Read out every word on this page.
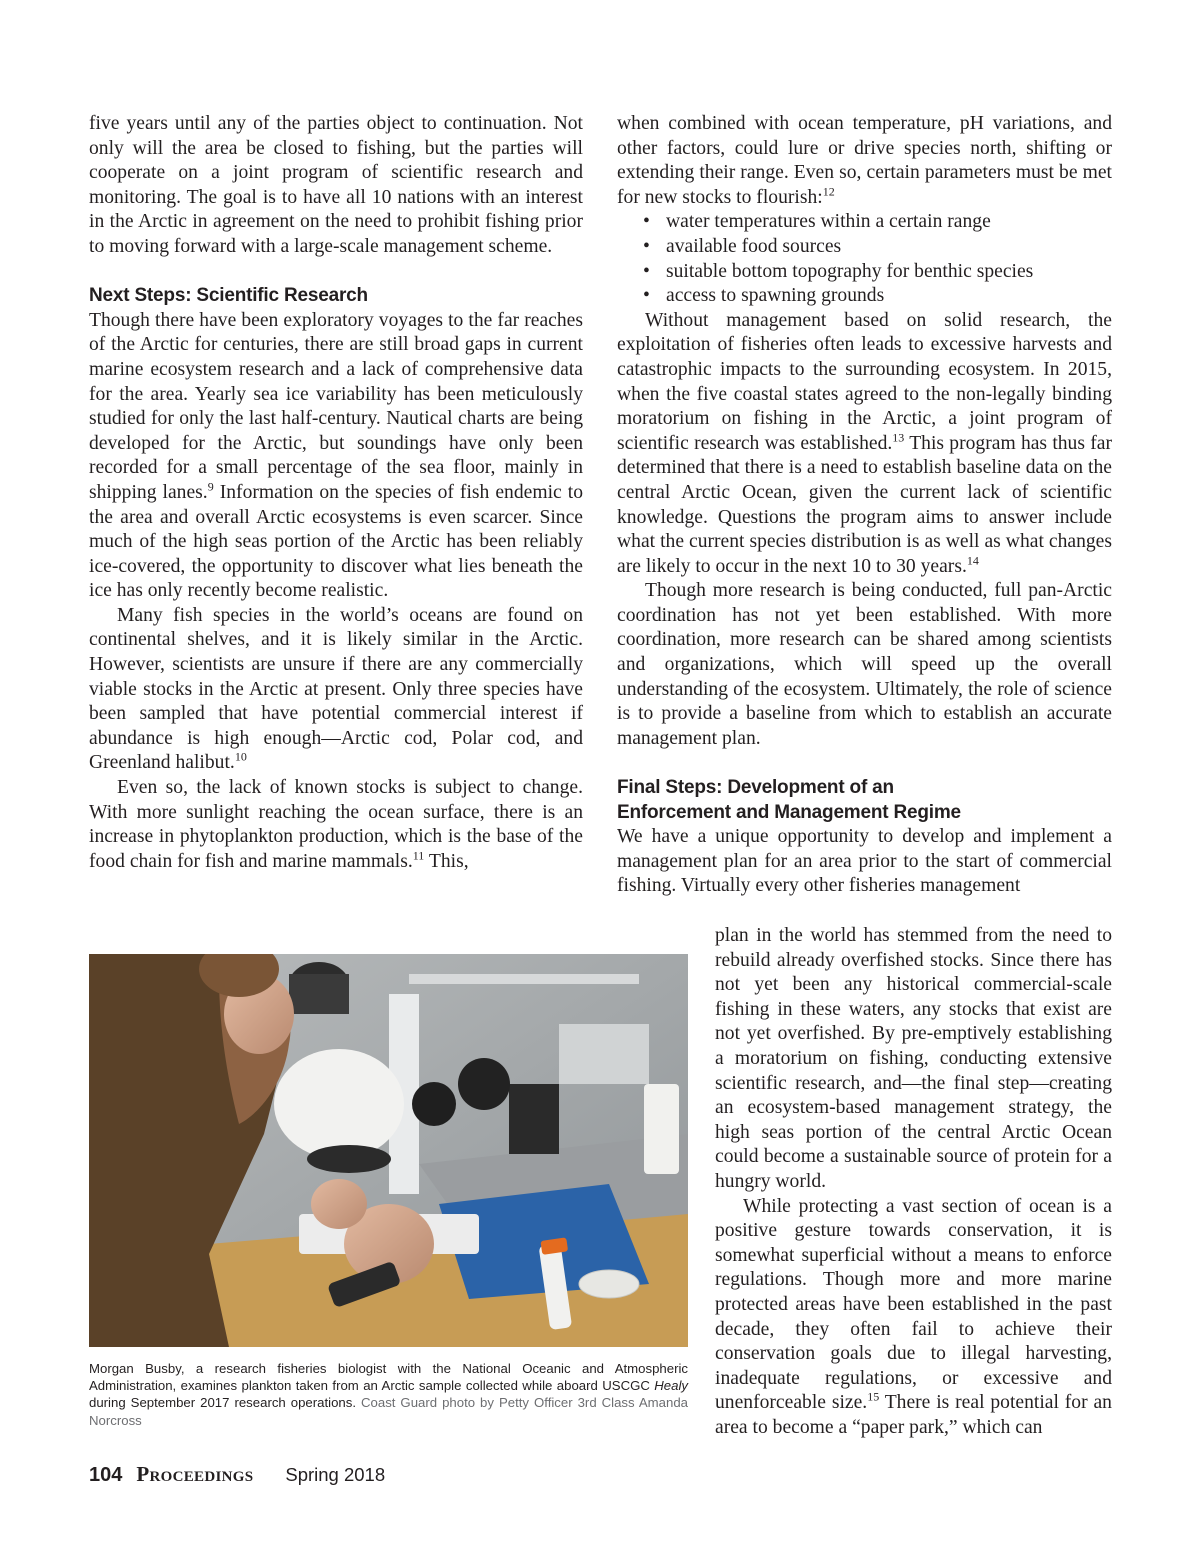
five years until any of the parties object to continuation. Not only will the area be closed to fishing, but the parties will cooperate on a joint program of scientific research and monitoring. The goal is to have all 10 nations with an interest in the Arctic in agreement on the need to prohibit fishing prior to moving forward with a large-scale management scheme.

Next Steps: Scientific Research

Though there have been exploratory voyages to the far reaches of the Arctic for centuries, there are still broad gaps in current marine ecosystem research and a lack of comprehensive data for the area. Yearly sea ice variability has been meticulously studied for only the last half-century. Nautical charts are being developed for the Arctic, but soundings have only been recorded for a small percentage of the sea floor, mainly in shipping lanes.$^9$ Information on the species of fish endemic to the area and overall Arctic ecosystems is even scarcer. Since much of the high seas portion of the Arctic has been reliably ice-covered, the opportunity to discover what lies beneath the ice has only recently become realistic.

Many fish species in the world’s oceans are found on continental shelves, and it is likely similar in the Arctic. However, scientists are unsure if there are any commercially viable stocks in the Arctic at present. Only three species have been sampled that have potential commercial interest if abundance is high enough—Arctic cod, Polar cod, and Greenland halibut.$^{10}$

Even so, the lack of known stocks is subject to change. With more sunlight reaching the ocean surface, there is an increase in phytoplankton production, which is the base of the food chain for fish and marine mammals.$^{11}$ This,

when combined with ocean temperature, pH variations, and other factors, could lure or drive species north, shifting or extending their range. Even so, certain parameters must be met for new stocks to flourish:$^{12}$

• water temperatures within a certain range
• available food sources
• suitable bottom topography for benthic species
• access to spawning grounds

Without management based on solid research, the exploitation of fisheries often leads to excessive harvests and catastrophic impacts to the surrounding ecosystem. In 2015, when the five coastal states agreed to the non-legally binding moratorium on fishing in the Arctic, a joint program of scientific research was established.$^{13}$ This program has thus far determined that there is a need to establish baseline data on the central Arctic Ocean, given the current lack of scientific knowledge. Questions the program aims to answer include what the current species distribution is as well as what changes are likely to occur in the next 10 to 30 years.$^{14}$

Though more research is being conducted, full pan-Arctic coordination has not yet been established. With more coordination, more research can be shared among scientists and organizations, which will speed up the overall understanding of the ecosystem. Ultimately, the role of science is to provide a baseline from which to establish an accurate management plan.

Final Steps: Development of an
Enforcement and Management Regime

We have a unique opportunity to develop and implement a management plan for an area prior to the start of commercial fishing. Virtually every other fisheries management

plan in the world has stemmed from the need to rebuild already overfished stocks. Since there has not yet been any historical commercial-scale fishing in these waters, any stocks that exist are not yet overfished. By pre-emptively establishing a moratorium on fishing, conducting extensive scientific research, and—the final step—creating an ecosystem-based management strategy, the high seas portion of the central Arctic Ocean could become a sustainable source of protein for a hungry world.

While protecting a vast section of ocean is a positive gesture towards conservation, it is somewhat superficial without a means to enforce regulations. Though more and more marine protected areas have been established in the past decade, they often fail to achieve their conservation goals due to illegal harvesting, inadequate regulations, or excessive and unenforceable size.$^{15}$ There is real potential for an area to become a “paper park,” which can

Morgan Busby, a research fisheries biologist with the National Oceanic and Atmospheric Administration, examines plankton taken from an Arctic sample collected while aboard USCGC Healy during September 2017 research operations. Coast Guard photo by Petty Officer 3rd Class Amanda Norcross
104 Proceedings Spring 2018
